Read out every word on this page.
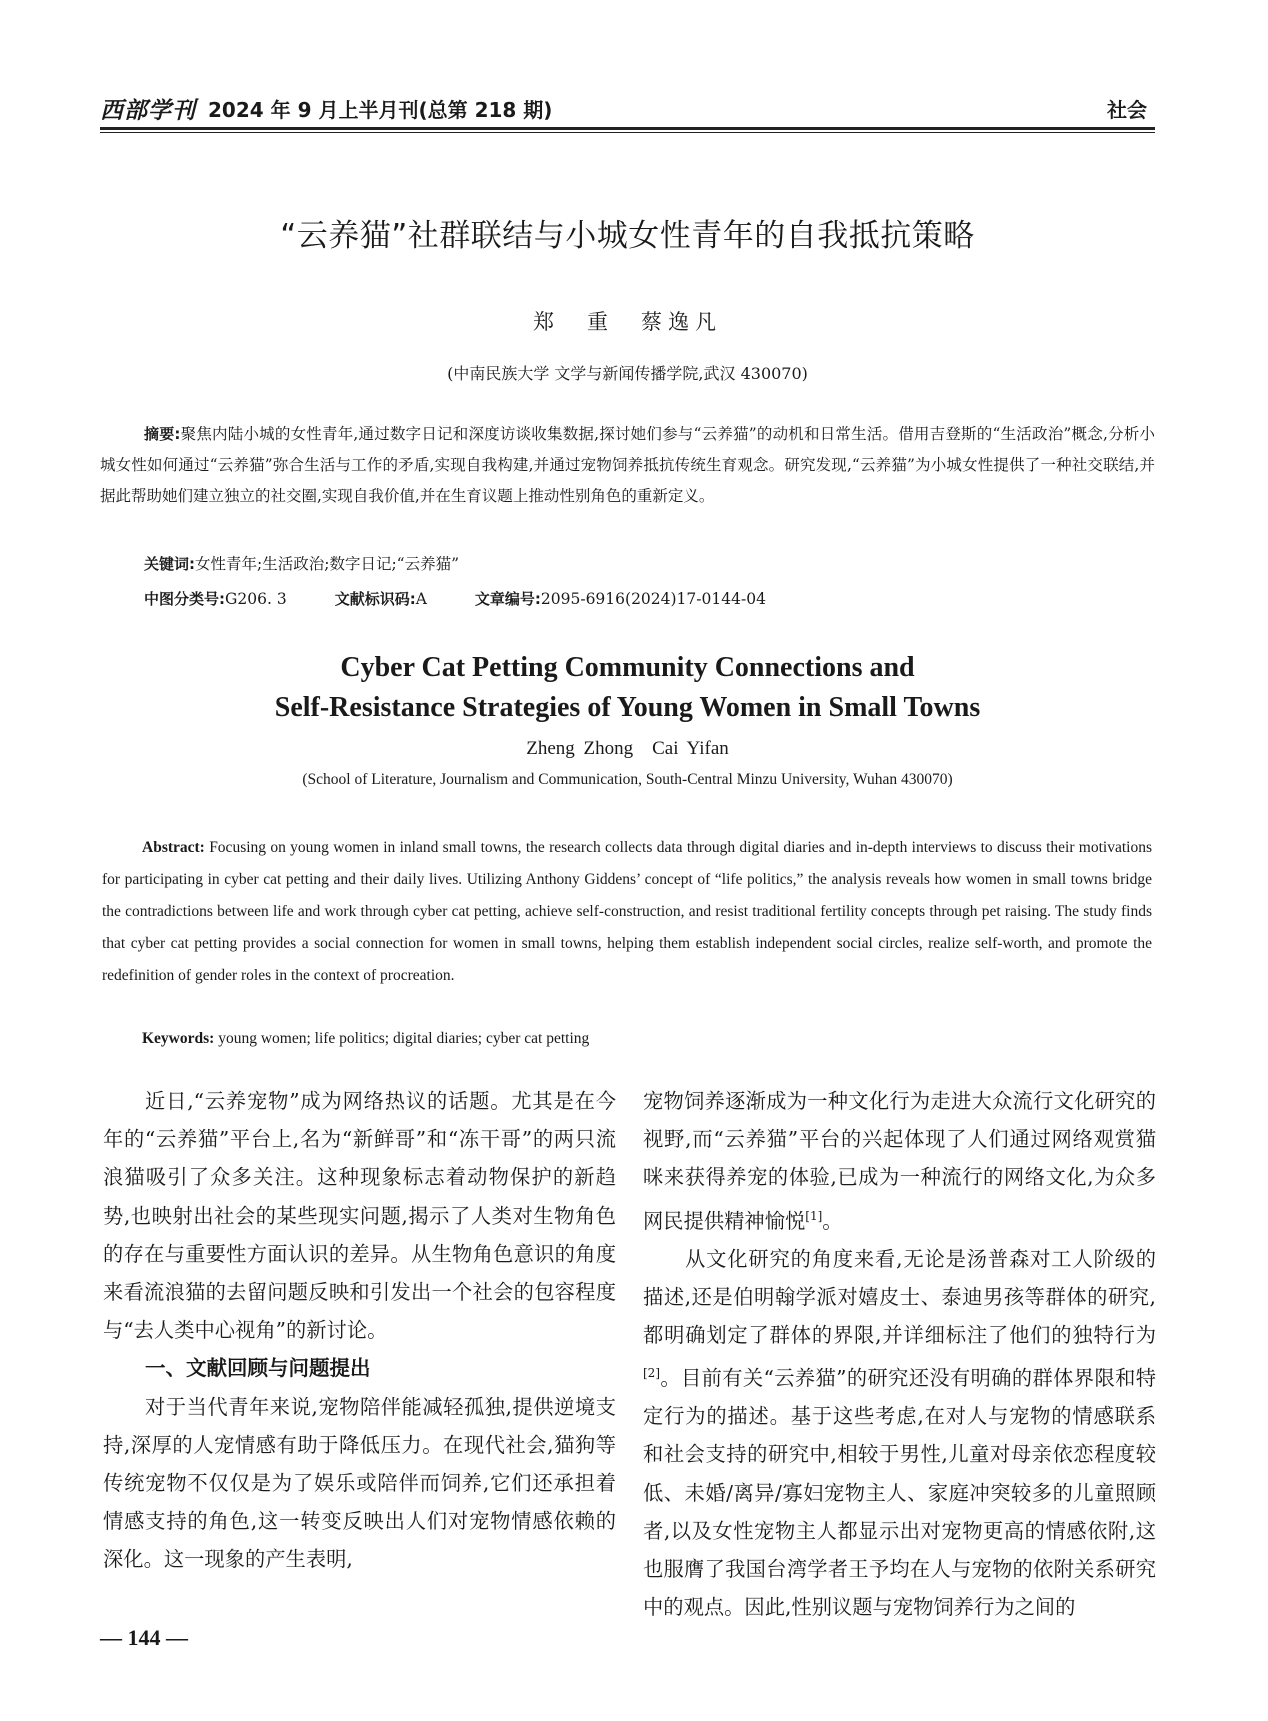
西部学刊 2024 年 9 月上半月刊(总第 218 期)	社会
“云养猫”社群联结与小城女性青年的自我抵抗策略
郑　重　蔡逸凡
(中南民族大学 文学与新闻传播学院,武汉 430070)
摘要:聚焦内陆小城的女性青年,通过数字日记和深度访谈收集数据,探讨她们参与“云养猫”的动机和日常生活。借用吉登斯的“生活政治”概念,分析小城女性如何通过“云养猫”弥合生活与工作的矛盾,实现自我构建,并通过宠物饲养抵抗传统生育观念。研究发现,“云养猫”为小城女性提供了一种社交联结,并据此帮助她们建立独立的社交圈,实现自我价值,并在生育议题上推动性别角色的重新定义。
关键词:女性青年;生活政治;数字日记;“云养猫”
中图分类号:G206. 3	文献标识码:A	文章编号:2095-6916(2024)17-0144-04
Cyber Cat Petting Community Connections and
Self-Resistance Strategies of Young Women in Small Towns
Zheng Zhong　Cai Yifan
(School of Literature, Journalism and Communication, South-Central Minzu University, Wuhan 430070)
Abstract: Focusing on young women in inland small towns, the research collects data through digital diaries and in-depth interviews to discuss their motivations for participating in cyber cat petting and their daily lives. Utilizing Anthony Giddens’ concept of “life politics,” the analysis reveals how women in small towns bridge the contradictions between life and work through cyber cat petting, achieve self-construction, and resist traditional fertility concepts through pet raising. The study finds that cyber cat petting provides a social connection for women in small towns, helping them establish independent social circles, realize self-worth, and promote the redefinition of gender roles in the context of procreation.
Keywords: young women; life politics; digital diaries; cyber cat petting

近日,“云养宠物”成为网络热议的话题。尤其是在今年的“云养猫”平台上,名为“新鲜哥”和“冻干哥”的两只流浪猫吸引了众多关注。这种现象标志着动物保护的新趋势,也映射出社会的某些现实问题,揭示了人类对生物角色的存在与重要性方面认识的差异。从生物角色意识的角度来看流浪猫的去留问题反映和引发出一个社会的包容程度与“去人类中心视角”的新讨论。

一、文献回顾与问题提出

对于当代青年来说,宠物陪伴能减轻孤独,提供逆境支持,深厚的人宠情感有助于降低压力。在现代社会,猫狗等传统宠物不仅仅是为了娱乐或陪伴而饲养,它们还承担着情感支持的角色,这一转变反映出人们对宠物情感依赖的深化。这一现象的产生表明,

宠物饲养逐渐成为一种文化行为走进大众流行文化研究的视野,而“云养猫”平台的兴起体现了人们通过网络观赏猫咪来获得养宠的体验,已成为一种流行的网络文化,为众多网民提供精神愉悦[1]。

从文化研究的角度来看,无论是汤普森对工人阶级的描述,还是伯明翰学派对嬉皮士、泰迪男孩等群体的研究,都明确划定了群体的界限,并详细标注了他们的独特行为[2]。目前有关“云养猫”的研究还没有明确的群体界限和特定行为的描述。基于这些考虑,在对人与宠物的情感联系和社会支持的研究中,相较于男性,儿童对母亲依恋程度较低、未婚/离异/寡妇宠物主人、家庭冲突较多的儿童照顾者,以及女性宠物主人都显示出对宠物更高的情感依附,这也服膺了我国台湾学者王予均在人与宠物的依附关系研究中的观点。因此,性别议题与宠物饲养行为之间的

— 144 —
